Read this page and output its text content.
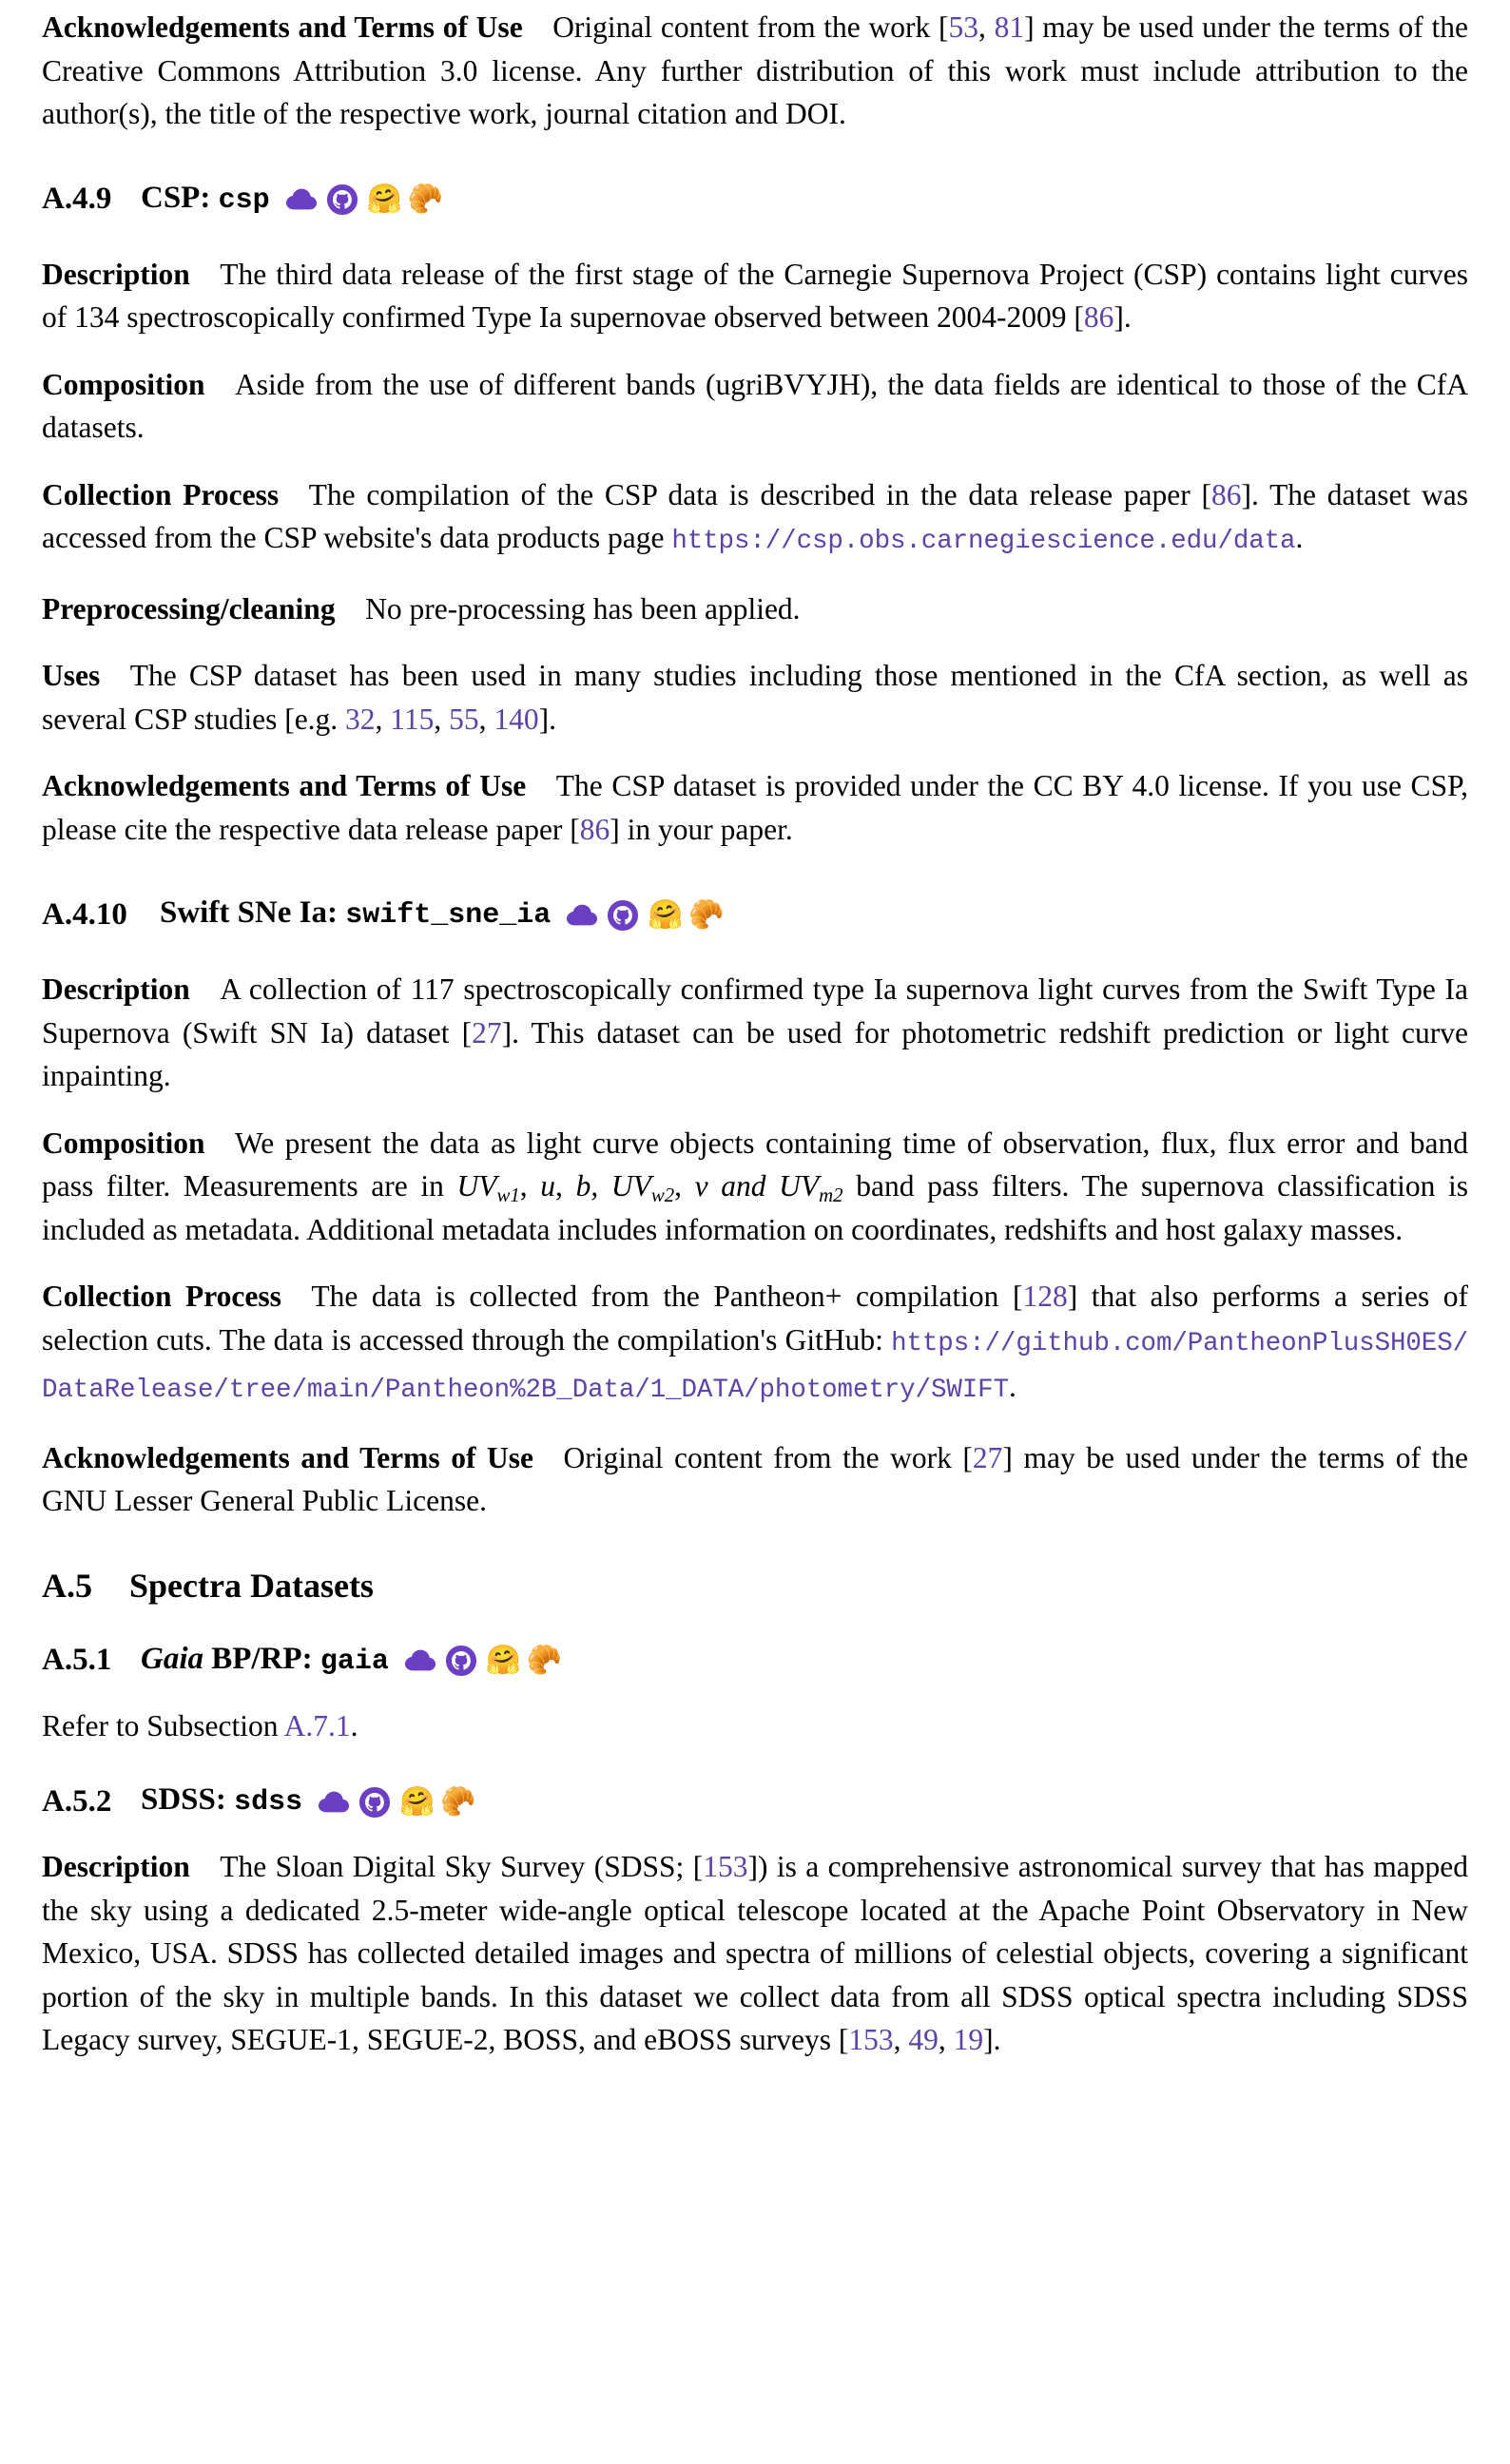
Acknowledgements and Terms of Use Original content from the work [53, 81] may be used under the terms of the Creative Commons Attribution 3.0 license. Any further distribution of this work must include attribution to the author(s), the title of the respective work, journal citation and DOI.
A.4.9 CSP: csp	🤗 🥐
Description The third data release of the first stage of the Carnegie Supernova Project (CSP) contains light curves of 134 spectroscopically confirmed Type Ia supernovae observed between 2004-2009 [86].
Composition Aside from the use of different bands (ugriBVYJH), the data fields are identical to those of the CfA datasets.
Collection Process The compilation of the CSP data is described in the data release paper [86]. The dataset was accessed from the CSP website's data products page https://csp.obs.carnegiescience.edu/data.
Preprocessing/cleaning No pre-processing has been applied.
Uses The CSP dataset has been used in many studies including those mentioned in the CfA section, as well as several CSP studies [e.g. 32, 115, 55, 140].
Acknowledgements and Terms of Use The CSP dataset is provided under the CC BY 4.0 license. If you use CSP, please cite the respective data release paper [86] in your paper.
A.4.10	Swift SNe Ia: swift_sne_ia	🤗 🥐
Description A collection of 117 spectroscopically confirmed type Ia supernova light curves from the Swift Type Ia Supernova (Swift SN Ia) dataset [27]. This dataset can be used for photometric redshift prediction or light curve inpainting.
Composition We present the data as light curve objects containing time of observation, flux, flux error and band pass filter. Measurements are in $UV_{w1}$, u, b, $UV_{w2}$, v and $UV_{m2}$ band pass filters. The supernova classification is included as metadata. Additional metadata includes information on coordinates, redshifts and host galaxy masses.
Collection Process The data is collected from the Pantheon+ compilation [128] that also performs a series of selection cuts. The data is accessed through the compilation's GitHub: https://github.com/PantheonPlusSH0ES/DataRelease/tree/main/Pantheon%2B_Data/1_DATA/photometry/SWIFT.
Acknowledgements and Terms of Use Original content from the work [27] may be used under the terms of the GNU Lesser General Public License.
A.5	Spectra Datasets
A.5.1 Gaia BP/RP: gaia	🤗 🥐
Refer to Subsection A.7.1.
A.5.2 SDSS: sdss	🤗 🥐
Description The Sloan Digital Sky Survey (SDSS; [153]) is a comprehensive astronomical survey that has mapped the sky using a dedicated 2.5-meter wide-angle optical telescope located at the Apache Point Observatory in New Mexico, USA. SDSS has collected detailed images and spectra of millions of celestial objects, covering a significant portion of the sky in multiple bands. In this dataset we collect data from all SDSS optical spectra including SDSS Legacy survey, SEGUE-1, SEGUE-2, BOSS, and eBOSS surveys [153, 49, 19].
